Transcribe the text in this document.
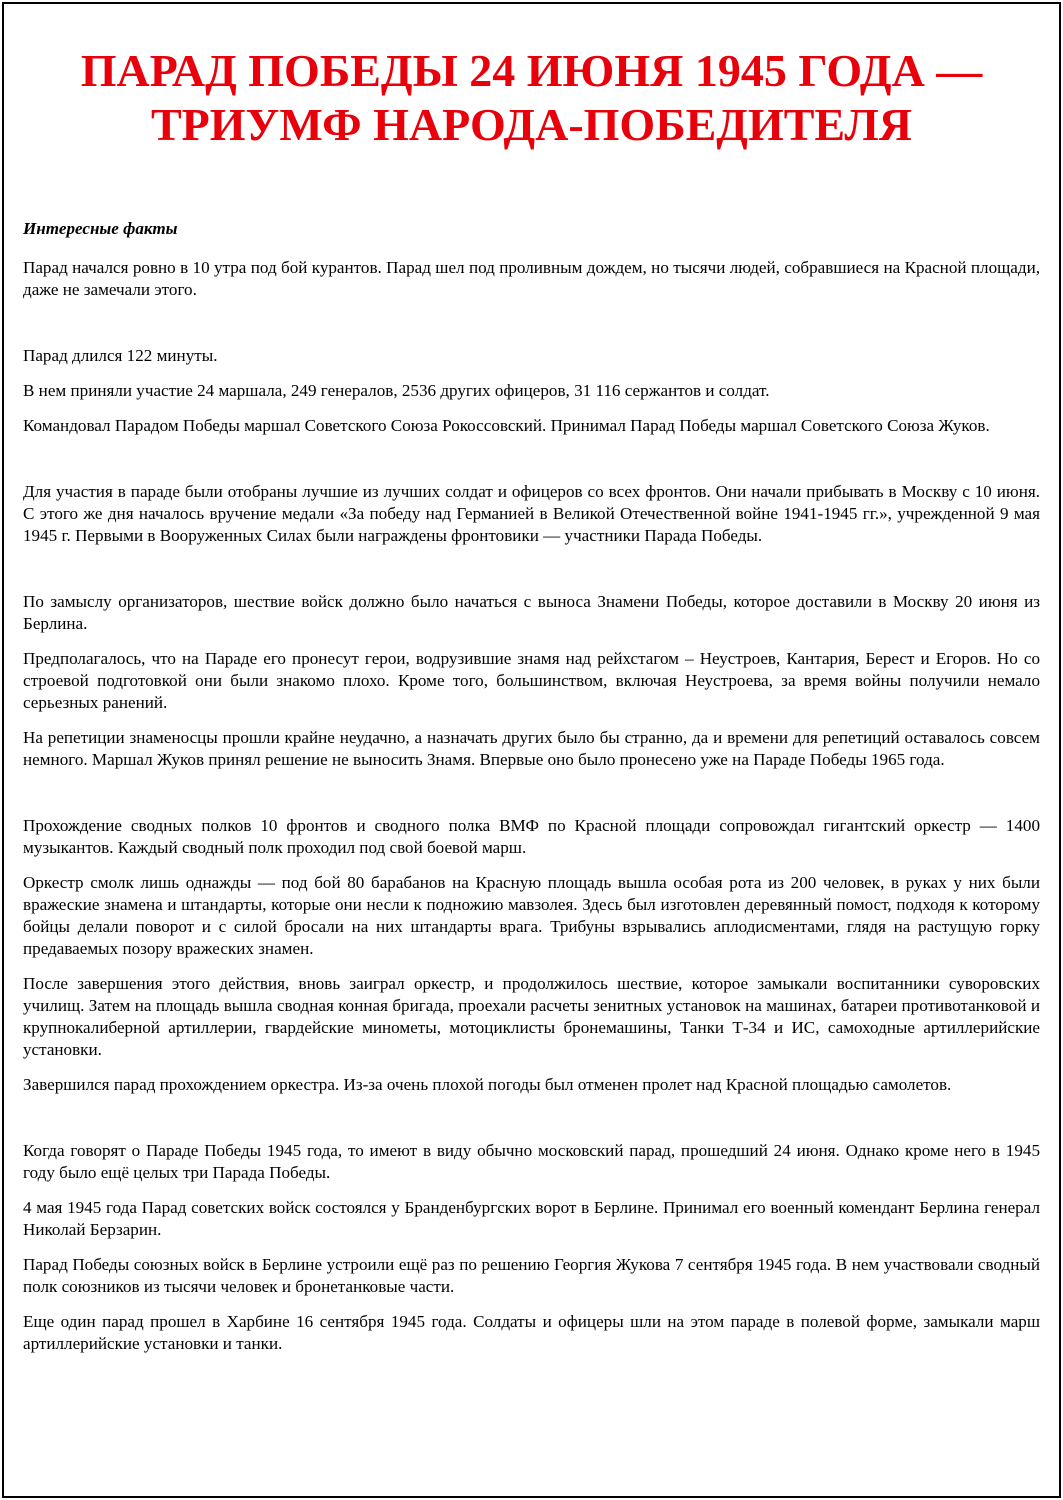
ПАРАД ПОБЕДЫ 24 ИЮНЯ 1945 ГОДА —
ТРИУМФ НАРОДА-ПОБЕДИТЕЛЯ
Интересные факты

Парад начался ровно в 10 утра под бой курантов. Парад шел под проливным дождем, но тысячи людей, собравшиеся на Красной площади, даже не замечали этого.

Парад длился 122 минуты.

В нем приняли участие 24 маршала, 249 генералов, 2536 других офицеров, 31 116 сержантов и солдат.

Командовал Парадом Победы маршал Советского Союза Рокоссовский. Принимал Парад Победы маршал Советского Союза Жуков.

Для участия в параде были отобраны лучшие из лучших солдат и офицеров со всех фронтов. Они начали прибывать в Москву с 10 июня. С этого же дня началось вручение медали «За победу над Германией в Великой Отечественной войне 1941-1945 гг.», учрежденной 9 мая 1945 г. Первыми в Вооруженных Силах были награждены фронтовики — участники Парада Победы.

По замыслу организаторов, шествие войск должно было начаться с выноса Знамени Победы, которое доставили в Москву 20 июня из Берлина.

Предполагалось, что на Параде его пронесут герои, водрузившие знамя над рейхстагом – Неустроев, Кантария, Берест и Егоров. Но со строевой подготовкой они были знакомо плохо. Кроме того, большинством, включая Неустроева, за время войны получили немало серьезных ранений.

На репетиции знаменосцы прошли крайне неудачно, а назначать других было бы странно, да и времени для репетиций оставалось совсем немного. Маршал Жуков принял решение не выносить Знамя. Впервые оно было пронесено уже на Параде Победы 1965 года.

Прохождение сводных полков 10 фронтов и сводного полка ВМФ по Красной площади сопровождал гигантский оркестр — 1400 музыкантов. Каждый сводный полк проходил под свой боевой марш.

Оркестр смолк лишь однажды — под бой 80 барабанов на Красную площадь вышла особая рота из 200 человек, в руках у них были вражеские знамена и штандарты, которые они несли к подножию мавзолея. Здесь был изготовлен деревянный помост, подходя к которому бойцы делали поворот и с силой бросали на них штандарты врага. Трибуны взрывались аплодисментами, глядя на растущую горку предаваемых позору вражеских знамен.

После завершения этого действия, вновь заиграл оркестр, и продолжилось шествие, которое замыкали воспитанники суворовских училищ. Затем на площадь вышла сводная конная бригада, проехали расчеты зенитных установок на машинах, батареи противотанковой и крупнокалиберной артиллерии, гвардейские минометы, мотоциклисты бронемашины, Танки Т-34 и ИС, самоходные артиллерийские установки.

Завершился парад прохождением оркестра. Из-за очень плохой погоды был отменен пролет над Красной площадью самолетов.

Когда говорят о Параде Победы 1945 года, то имеют в виду обычно московский парад, прошедший 24 июня. Однако кроме него в 1945 году было ещё целых три Парада Победы.

4 мая 1945 года Парад советских войск состоялся у Бранденбургских ворот в Берлине. Принимал его военный комендант Берлина генерал Николай Берзарин.

Парад Победы союзных войск в Берлине устроили ещё раз по решению Георгия Жукова 7 сентября 1945 года. В нем участвовали сводный полк союзников из тысячи человек и бронетанковые части.

Еще один парад прошел в Харбине 16 сентября 1945 года. Солдаты и офицеры шли на этом параде в полевой форме, замыкали марш артиллерийские установки и танки.
